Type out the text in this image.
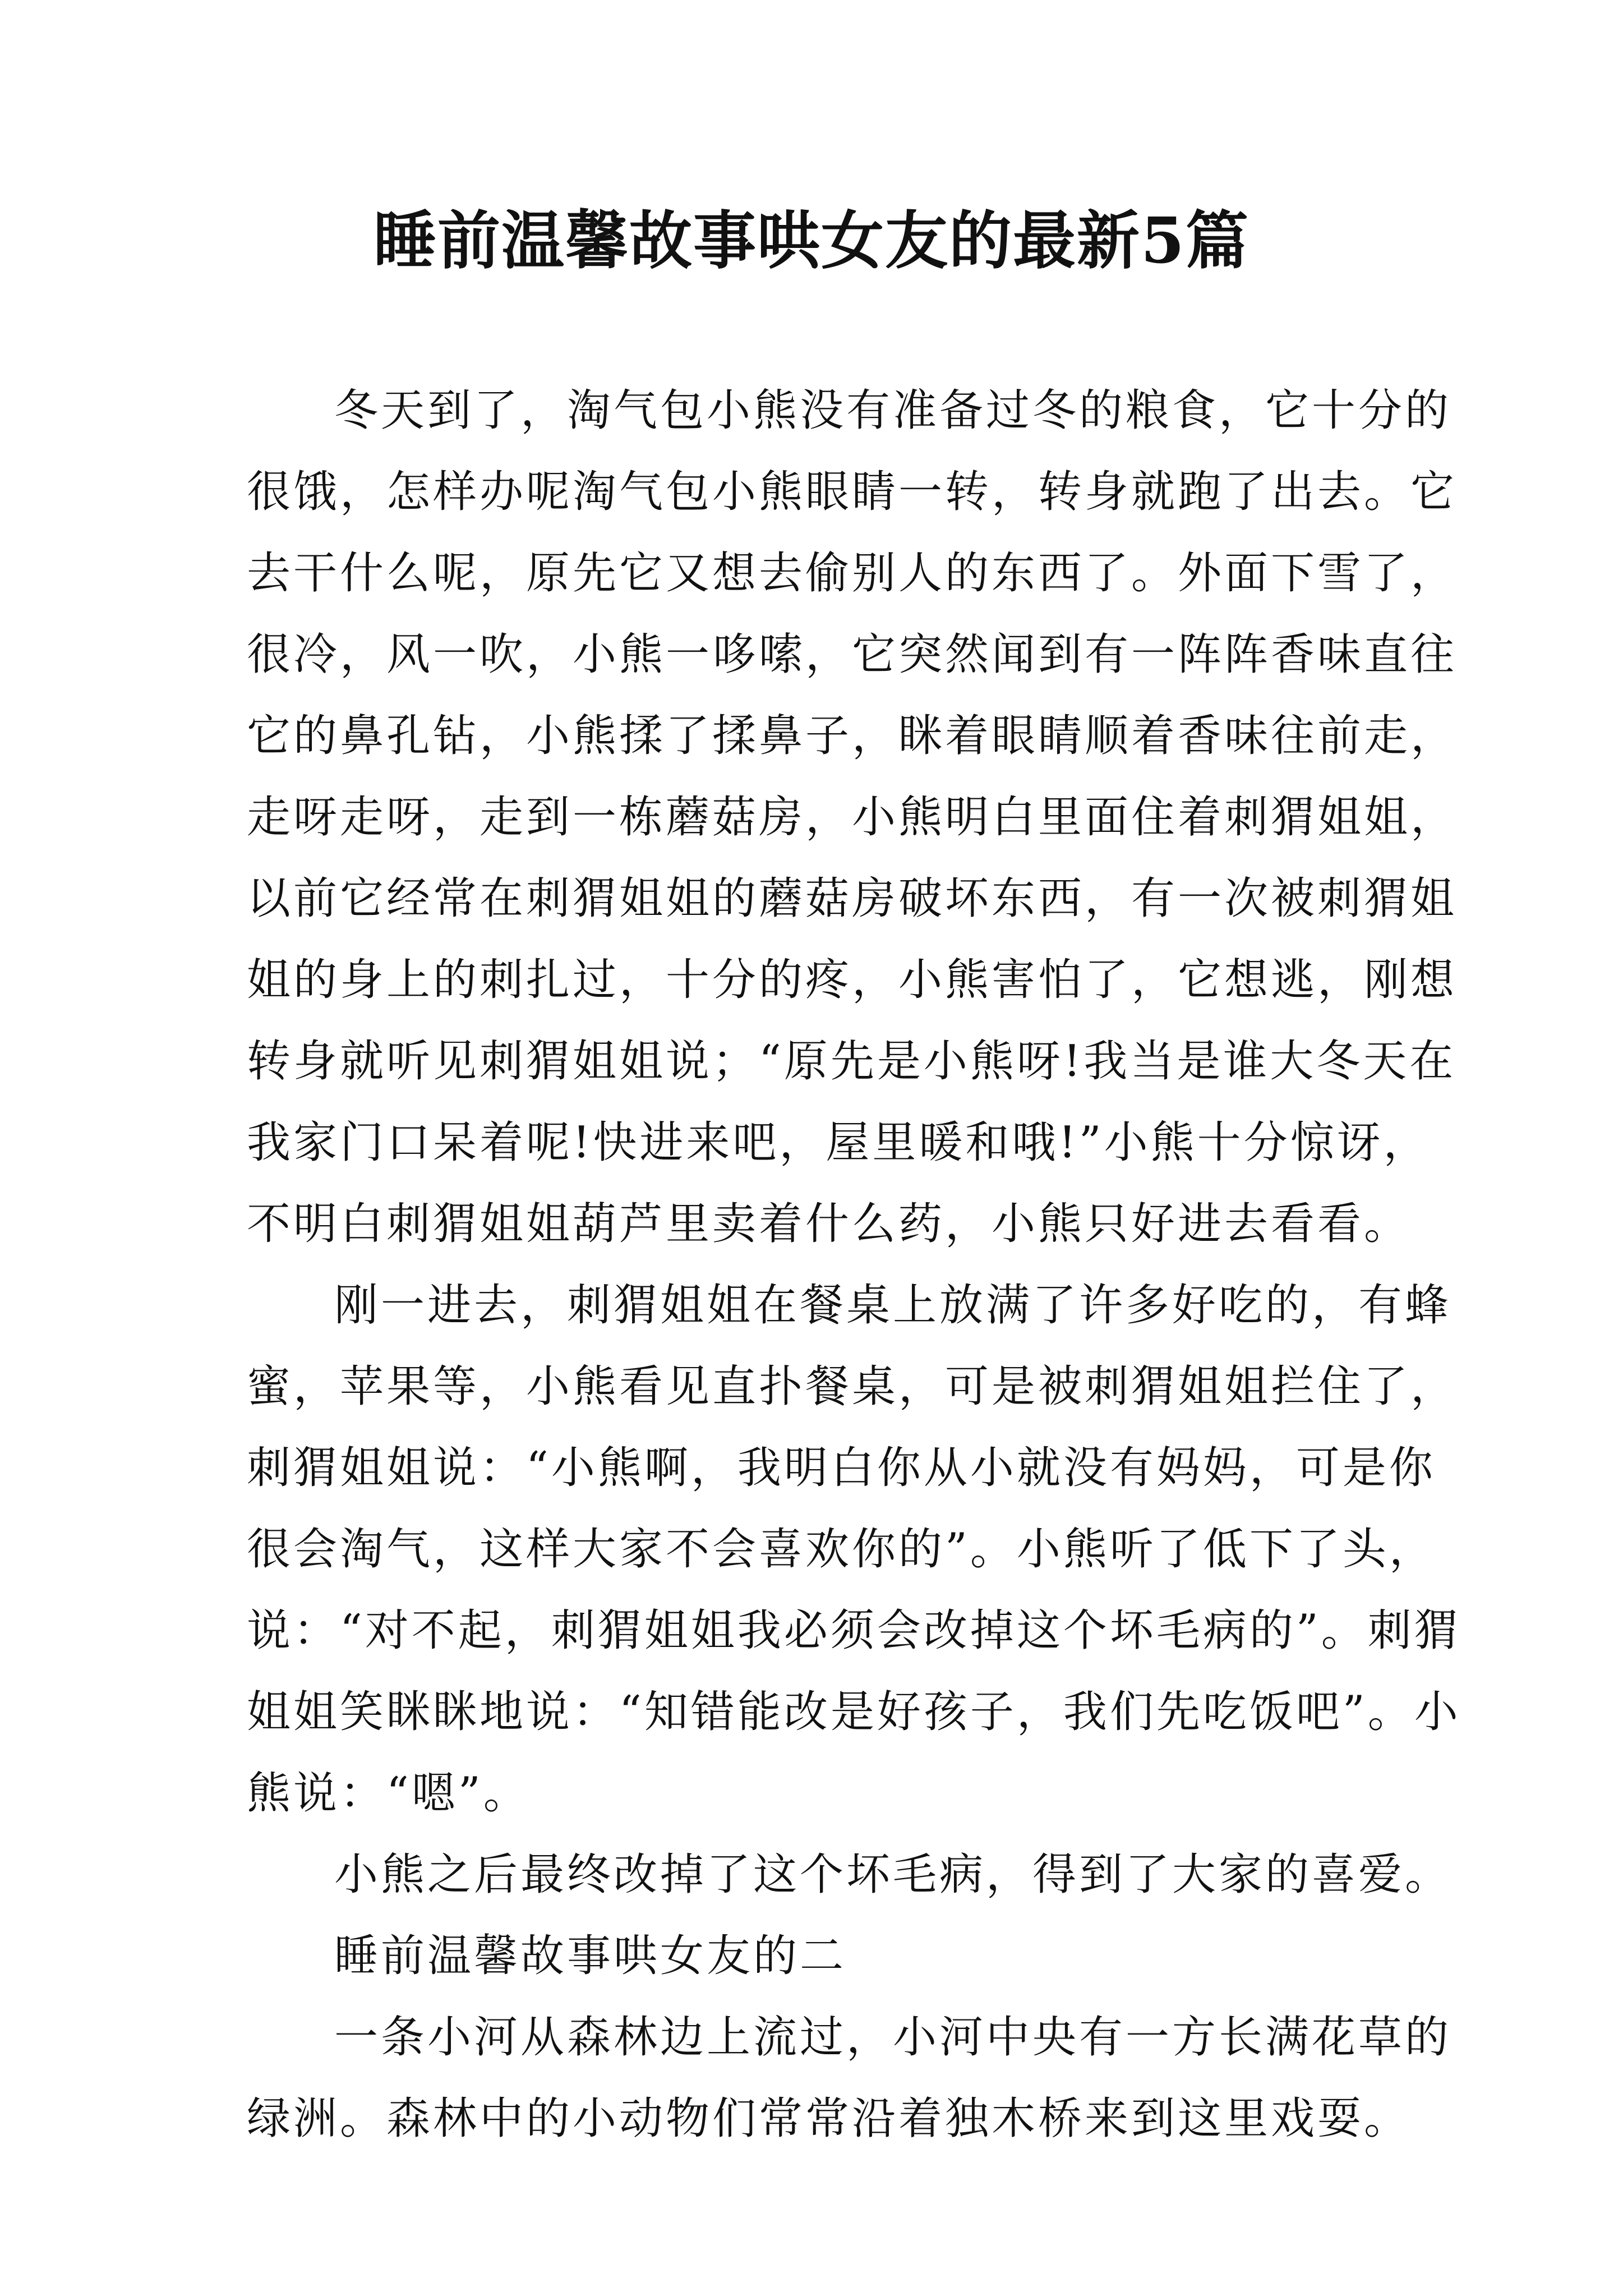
睡前温馨故事哄女友的最新5篇

冬天到了，淘气包小熊没有准备过冬的粮食，它十分的
很饿，怎样办呢淘气包小熊眼睛一转，转身就跑了出去。它
去干什么呢，原先它又想去偷别人的东西了。外面下雪了，
很冷，风一吹，小熊一哆嗦，它突然闻到有一阵阵香味直往
它的鼻孔钻，小熊揉了揉鼻子，眯着眼睛顺着香味往前走，
走呀走呀，走到一栋蘑菇房，小熊明白里面住着刺猬姐姐，
以前它经常在刺猬姐姐的蘑菇房破坏东西，有一次被刺猬姐
姐的身上的刺扎过，十分的疼，小熊害怕了，它想逃，刚想
转身就听见刺猬姐姐说；“原先是小熊呀!我当是谁大冬天在
我家门口呆着呢!快进来吧，屋里暖和哦!”小熊十分惊讶，
不明白刺猬姐姐葫芦里卖着什么药，小熊只好进去看看。

刚一进去，刺猬姐姐在餐桌上放满了许多好吃的，有蜂
蜜，苹果等，小熊看见直扑餐桌，可是被刺猬姐姐拦住了，
刺猬姐姐说：“小熊啊，我明白你从小就没有妈妈，可是你
很会淘气，这样大家不会喜欢你的”。小熊听了低下了头，
说：“对不起，刺猬姐姐我必须会改掉这个坏毛病的”。刺猬
姐姐笑眯眯地说：“知错能改是好孩子，我们先吃饭吧”。小
熊说：“嗯”。

小熊之后最终改掉了这个坏毛病，得到了大家的喜爱。

睡前温馨故事哄女友的二

一条小河从森林边上流过，小河中央有一方长满花草的
绿洲。森林中的小动物们常常沿着独木桥来到这里戏耍。
